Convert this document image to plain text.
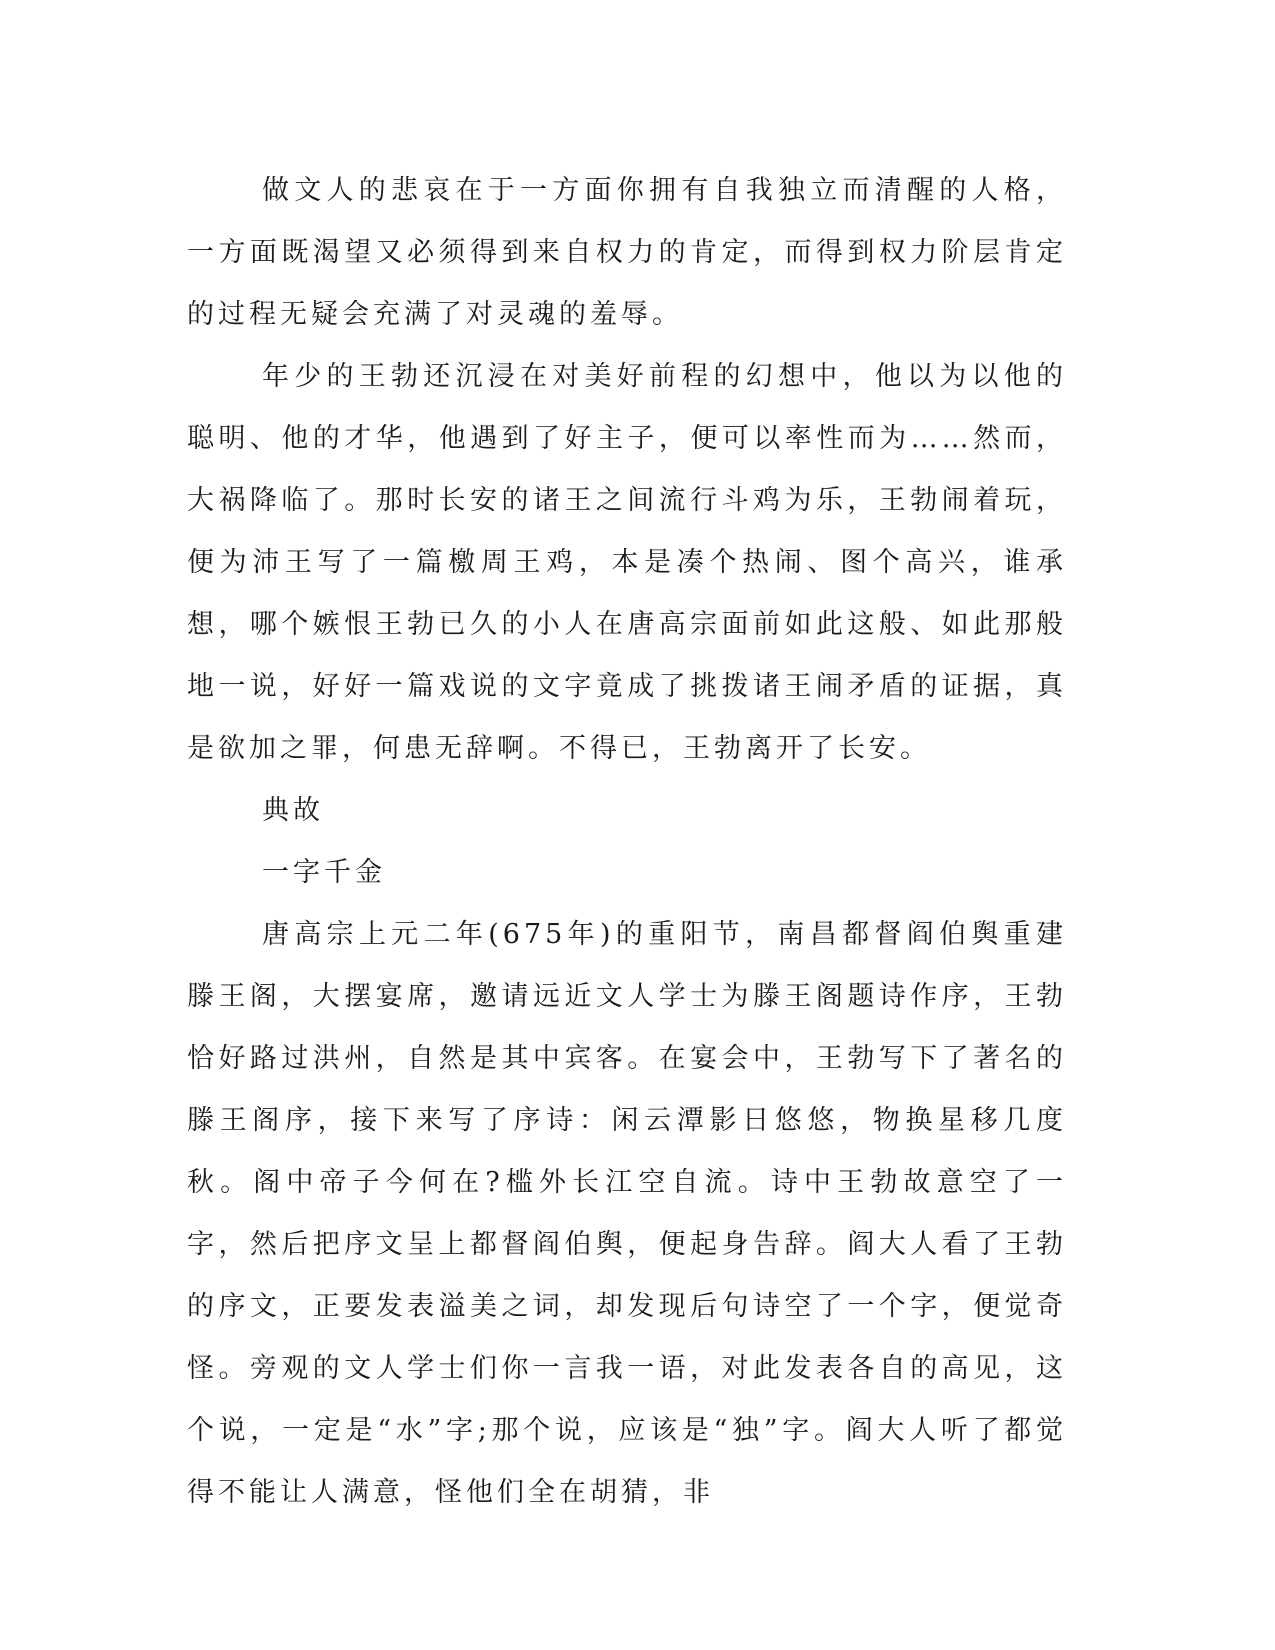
做文人的悲哀在于一方面你拥有自我独立而清醒的人格，一方面既渴望又必须得到来自权力的肯定，而得到权力阶层肯定的过程无疑会充满了对灵魂的羞辱。

年少的王勃还沉浸在对美好前程的幻想中，他以为以他的聪明、他的才华，他遇到了好主子，便可以率性而为……然而，大祸降临了。那时长安的诸王之间流行斗鸡为乐，王勃闹着玩，便为沛王写了一篇檄周王鸡，本是凑个热闹、图个高兴，谁承想，哪个嫉恨王勃已久的小人在唐高宗面前如此这般、如此那般地一说，好好一篇戏说的文字竟成了挑拨诸王闹矛盾的证据，真是欲加之罪，何患无辞啊。不得已，王勃离开了长安。

典故

一字千金

唐高宗上元二年(675年)的重阳节，南昌都督阎伯舆重建滕王阁，大摆宴席，邀请远近文人学士为滕王阁题诗作序，王勃恰好路过洪州，自然是其中宾客。在宴会中，王勃写下了著名的滕王阁序，接下来写了序诗：闲云潭影日悠悠，物换星移几度秋。阁中帝子今何在?槛外长江空自流。诗中王勃故意空了一字，然后把序文呈上都督阎伯舆，便起身告辞。阎大人看了王勃的序文，正要发表溢美之词，却发现后句诗空了一个字，便觉奇怪。旁观的文人学士们你一言我一语，对此发表各自的高见，这个说，一定是“水”字;那个说，应该是“独”字。阎大人听了都觉得不能让人满意，怪他们全在胡猜，非
